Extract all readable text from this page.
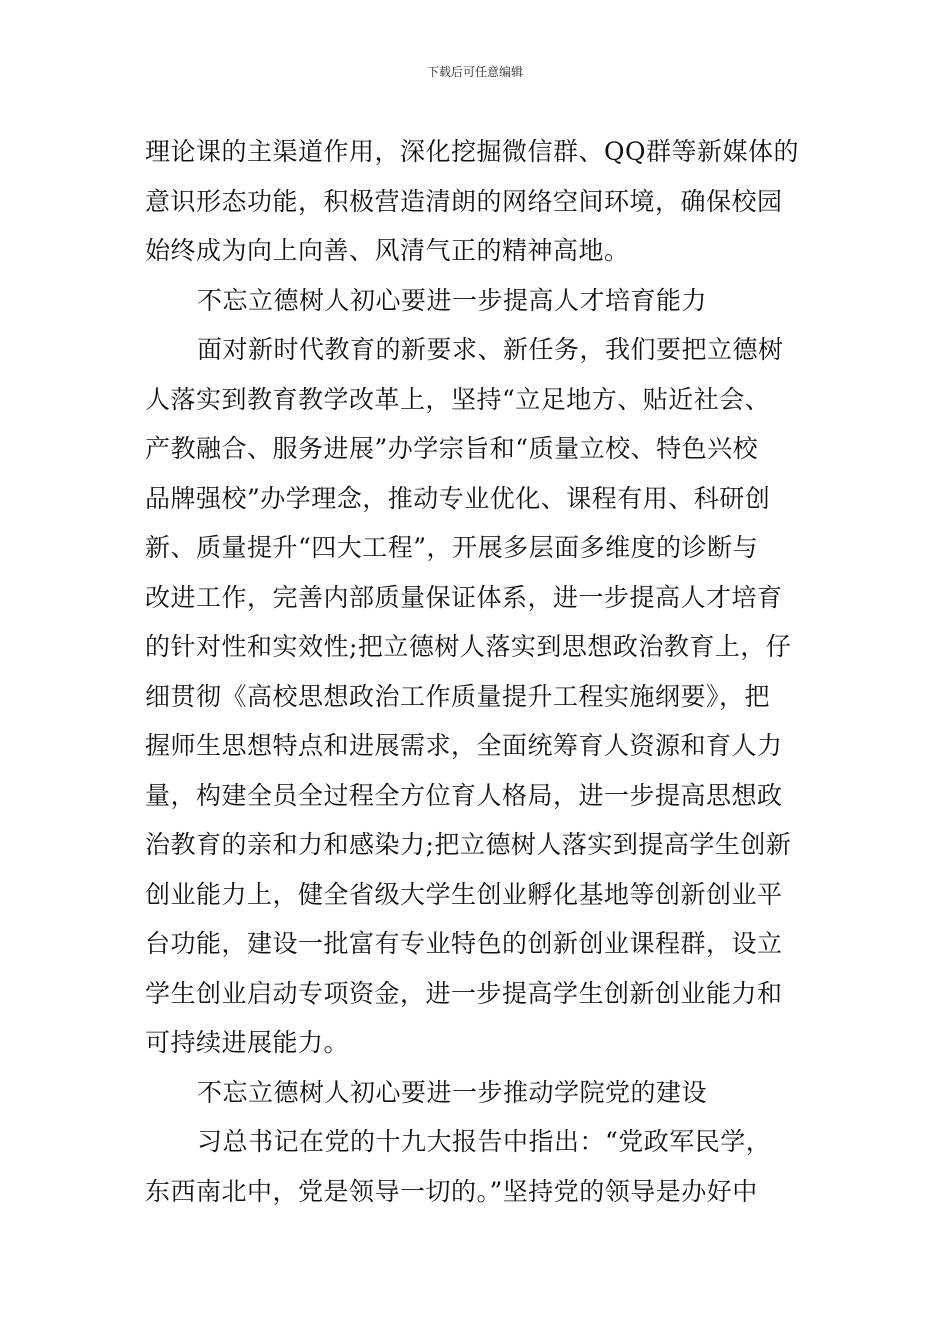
下载后可任意编辑
理论课的主渠道作用，深化挖掘微信群、QQ群等新媒体的
意识形态功能，积极营造清朗的网络空间环境，确保校园
始终成为向上向善、风清气正的精神高地。
不忘立德树人初心要进一步提高人才培育能力
面对新时代教育的新要求、新任务，我们要把立德树
人落实到教育教学改革上，坚持“立足地方、贴近社会、
产教融合、服务进展”办学宗旨和“质量立校、特色兴校
品牌强校”办学理念，推动专业优化、课程有用、科研创
新、质量提升“四大工程”，开展多层面多维度的诊断与
改进工作，完善内部质量保证体系，进一步提高人才培育
的针对性和实效性;把立德树人落实到思想政治教育上，仔
细贯彻《高校思想政治工作质量提升工程实施纲要》，把
握师生思想特点和进展需求，全面统筹育人资源和育人力
量，构建全员全过程全方位育人格局，进一步提高思想政
治教育的亲和力和感染力;把立德树人落实到提高学生创新
创业能力上，健全省级大学生创业孵化基地等创新创业平
台功能，建设一批富有专业特色的创新创业课程群，设立
学生创业启动专项资金，进一步提高学生创新创业能力和
可持续进展能力。
不忘立德树人初心要进一步推动学院党的建设
习总书记在党的十九大报告中指出：“党政军民学，
东西南北中，党是领导一切的。”坚持党的领导是办好中
